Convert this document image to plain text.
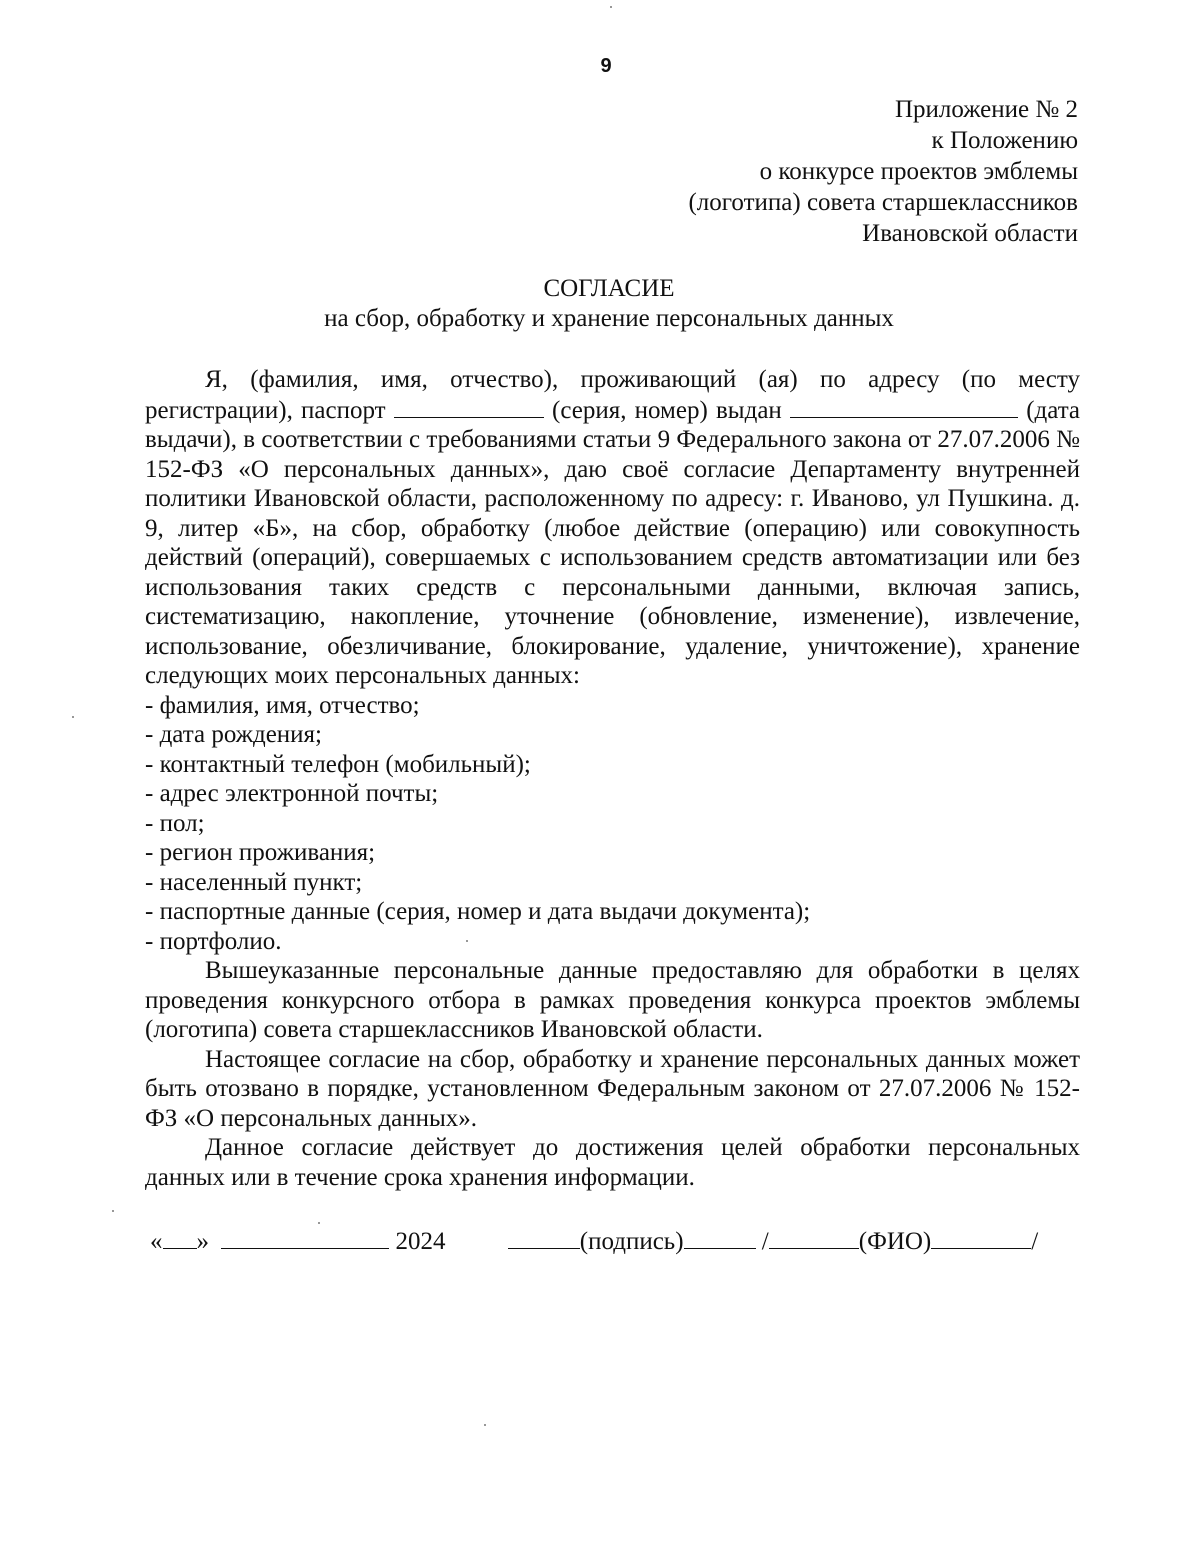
9
Приложение № 2
к Положению
о конкурсе проектов эмблемы
(логотипа) совета старшеклассников
Ивановской области
СОГЛАСИЕ
на сбор, обработку и хранение персональных данных

Я, (фамилия, имя, отчество), проживающий (ая) по адресу (по месту регистрации), паспорт	(серия, номер) выдан	(дата выдачи), в соответствии с требованиями статьи 9 Федерального закона от 27.07.2006 № 152-ФЗ «О персональных данных», даю своё согласие Департаменту внутренней политики Ивановской области, расположенному по адресу: г. Иваново, ул Пушкина. д. 9, литер «Б», на сбор, обработку (любое действие (операцию) или совокупность действий (операций), совершаемых с использованием средств автоматизации или без использования таких средств с персональными данными, включая запись, систематизацию, накопление, уточнение (обновление, изменение), извлечение, использование, обезличивание, блокирование, удаление, уничтожение), хранение следующих моих персональных данных:

- фамилия, имя, отчество;
- дата рождения;
- контактный телефон (мобильный);
- адрес электронной почты;
- пол;
- регион проживания;
- населенный пункт;
- паспортные данные (серия, номер и дата выдачи документа);
- портфолио.

Вышеуказанные персональные данные предоставляю для обработки в целях проведения конкурсного отбора в рамках проведения конкурса проектов эмблемы (логотипа) совета старшеклассников Ивановской области.

Настоящее согласие на сбор, обработку и хранение персональных данных может быть отозвано в порядке, установленном Федеральным законом от 27.07.2006 № 152-ФЗ «О персональных данных».

Данное согласие действует до достижения целей обработки персональных данных или в течение срока хранения информации.

« »	2024	(подпись)	/	(ФИО)	/
